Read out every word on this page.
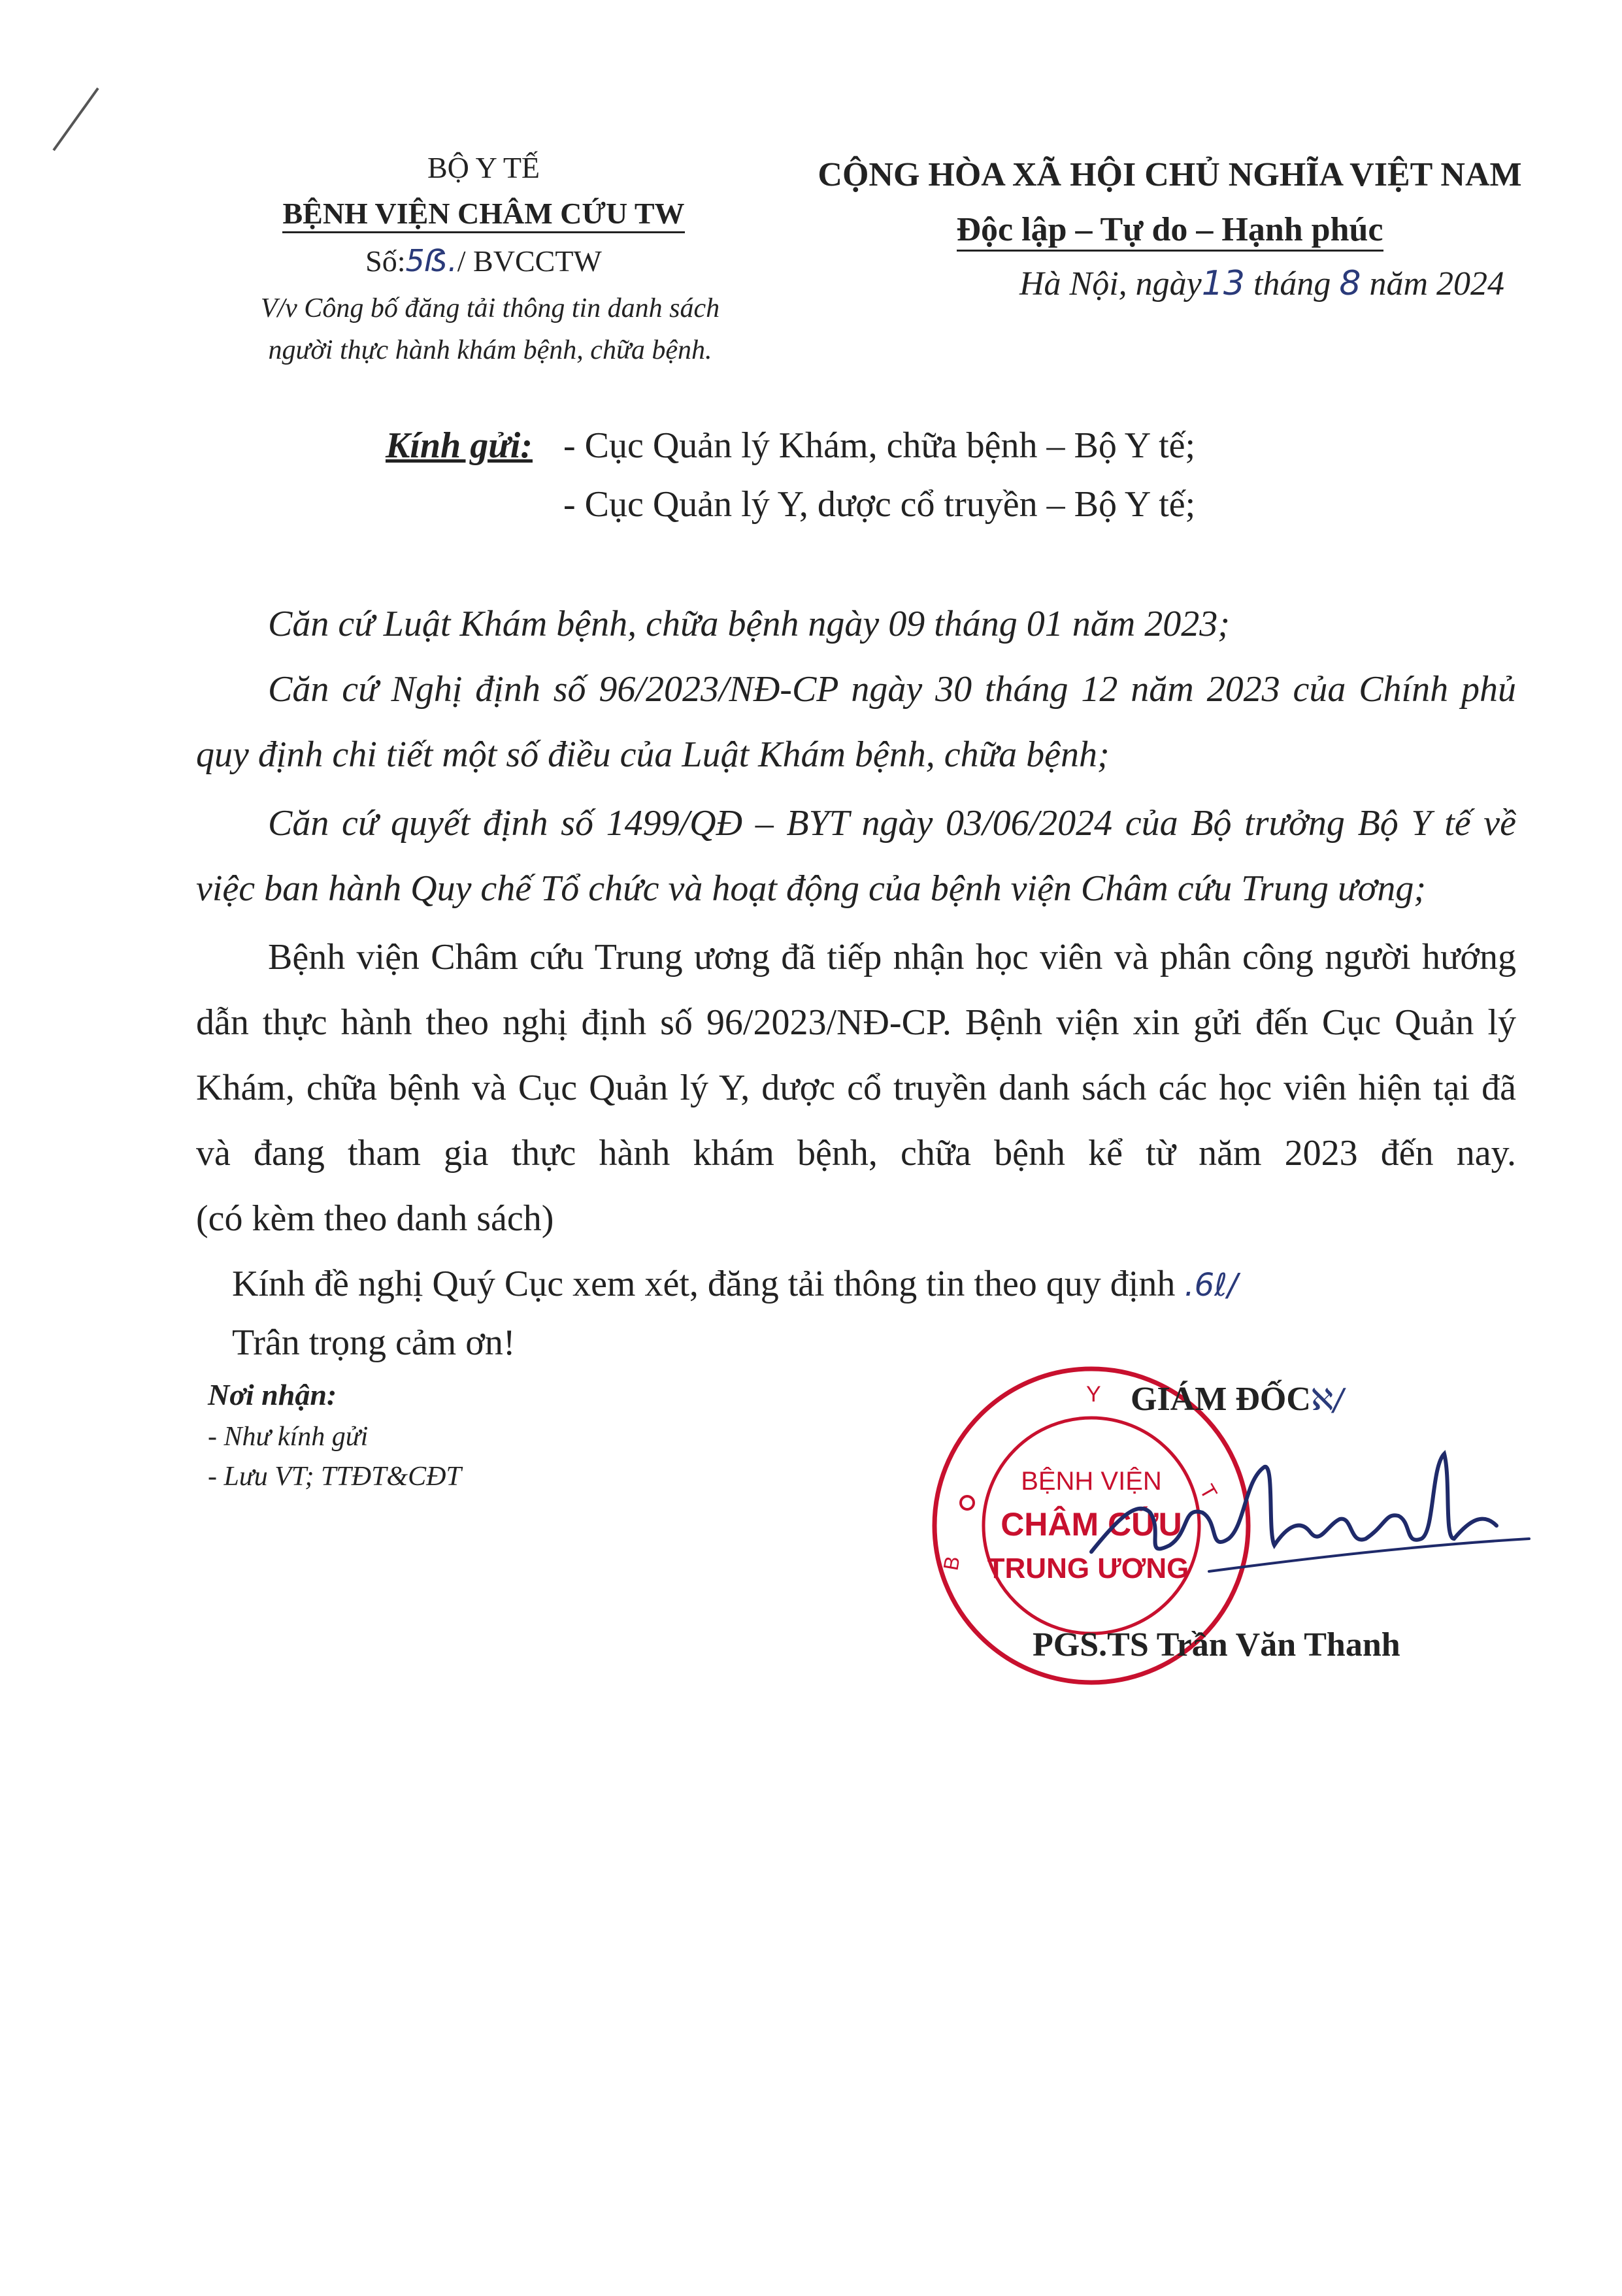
BỘ Y TẾ
BỆNH VIỆN CHÂM CỨU TW
Số:5ẞ./ BVCCTW
V/v Công bố đăng tải thông tin danh sách
người thực hành khám bệnh, chữa bệnh.
CỘNG HÒA XÃ HỘI CHỦ NGHĨA VIỆT NAM
Độc lập – Tự do – Hạnh phúc
Hà Nội, ngày13 tháng 8 năm 2024
Kính gửi: - Cục Quản lý Khám, chữa bệnh – Bộ Y tế;
- Cục Quản lý Y, dược cổ truyền – Bộ Y tế;
Căn cứ Luật Khám bệnh, chữa bệnh ngày 09 tháng 01 năm 2023;
Căn cứ Nghị định số 96/2023/NĐ-CP ngày 30 tháng 12 năm 2023 của Chính phủ
quy định chi tiết một số điều của Luật Khám bệnh, chữa bệnh;
Căn cứ quyết định số 1499/QĐ – BYT ngày 03/06/2024 của Bộ trưởng Bộ Y tế về
việc ban hành Quy chế Tổ chức và hoạt động của bệnh viện Châm cứu Trung ương;
Bệnh viện Châm cứu Trung ương đã tiếp nhận học viên và phân công người hướng
dẫn thực hành theo nghị định số 96/2023/NĐ-CP. Bệnh viện xin gửi đến Cục Quản lý
Khám, chữa bệnh và Cục Quản lý Y, dược cổ truyền danh sách các học viên hiện tại đã
và đang tham gia thực hành khám bệnh, chữa bệnh kể từ năm 2023 đến nay.
(có kèm theo danh sách)
Kính đề nghị Quý Cục xem xét, đăng tải thông tin theo quy định .6ℓ/
Trân trọng cảm ơn!
Nơi nhận:
- Như kính gửi
- Lưu VT; TTĐT&CĐT
Y
T
B
BỆNH VIỆN
CHÂM CỨU
TRUNG ƯƠNG
GIÁM ĐỐCℵ/
PGS.TS Trần Văn Thanh
